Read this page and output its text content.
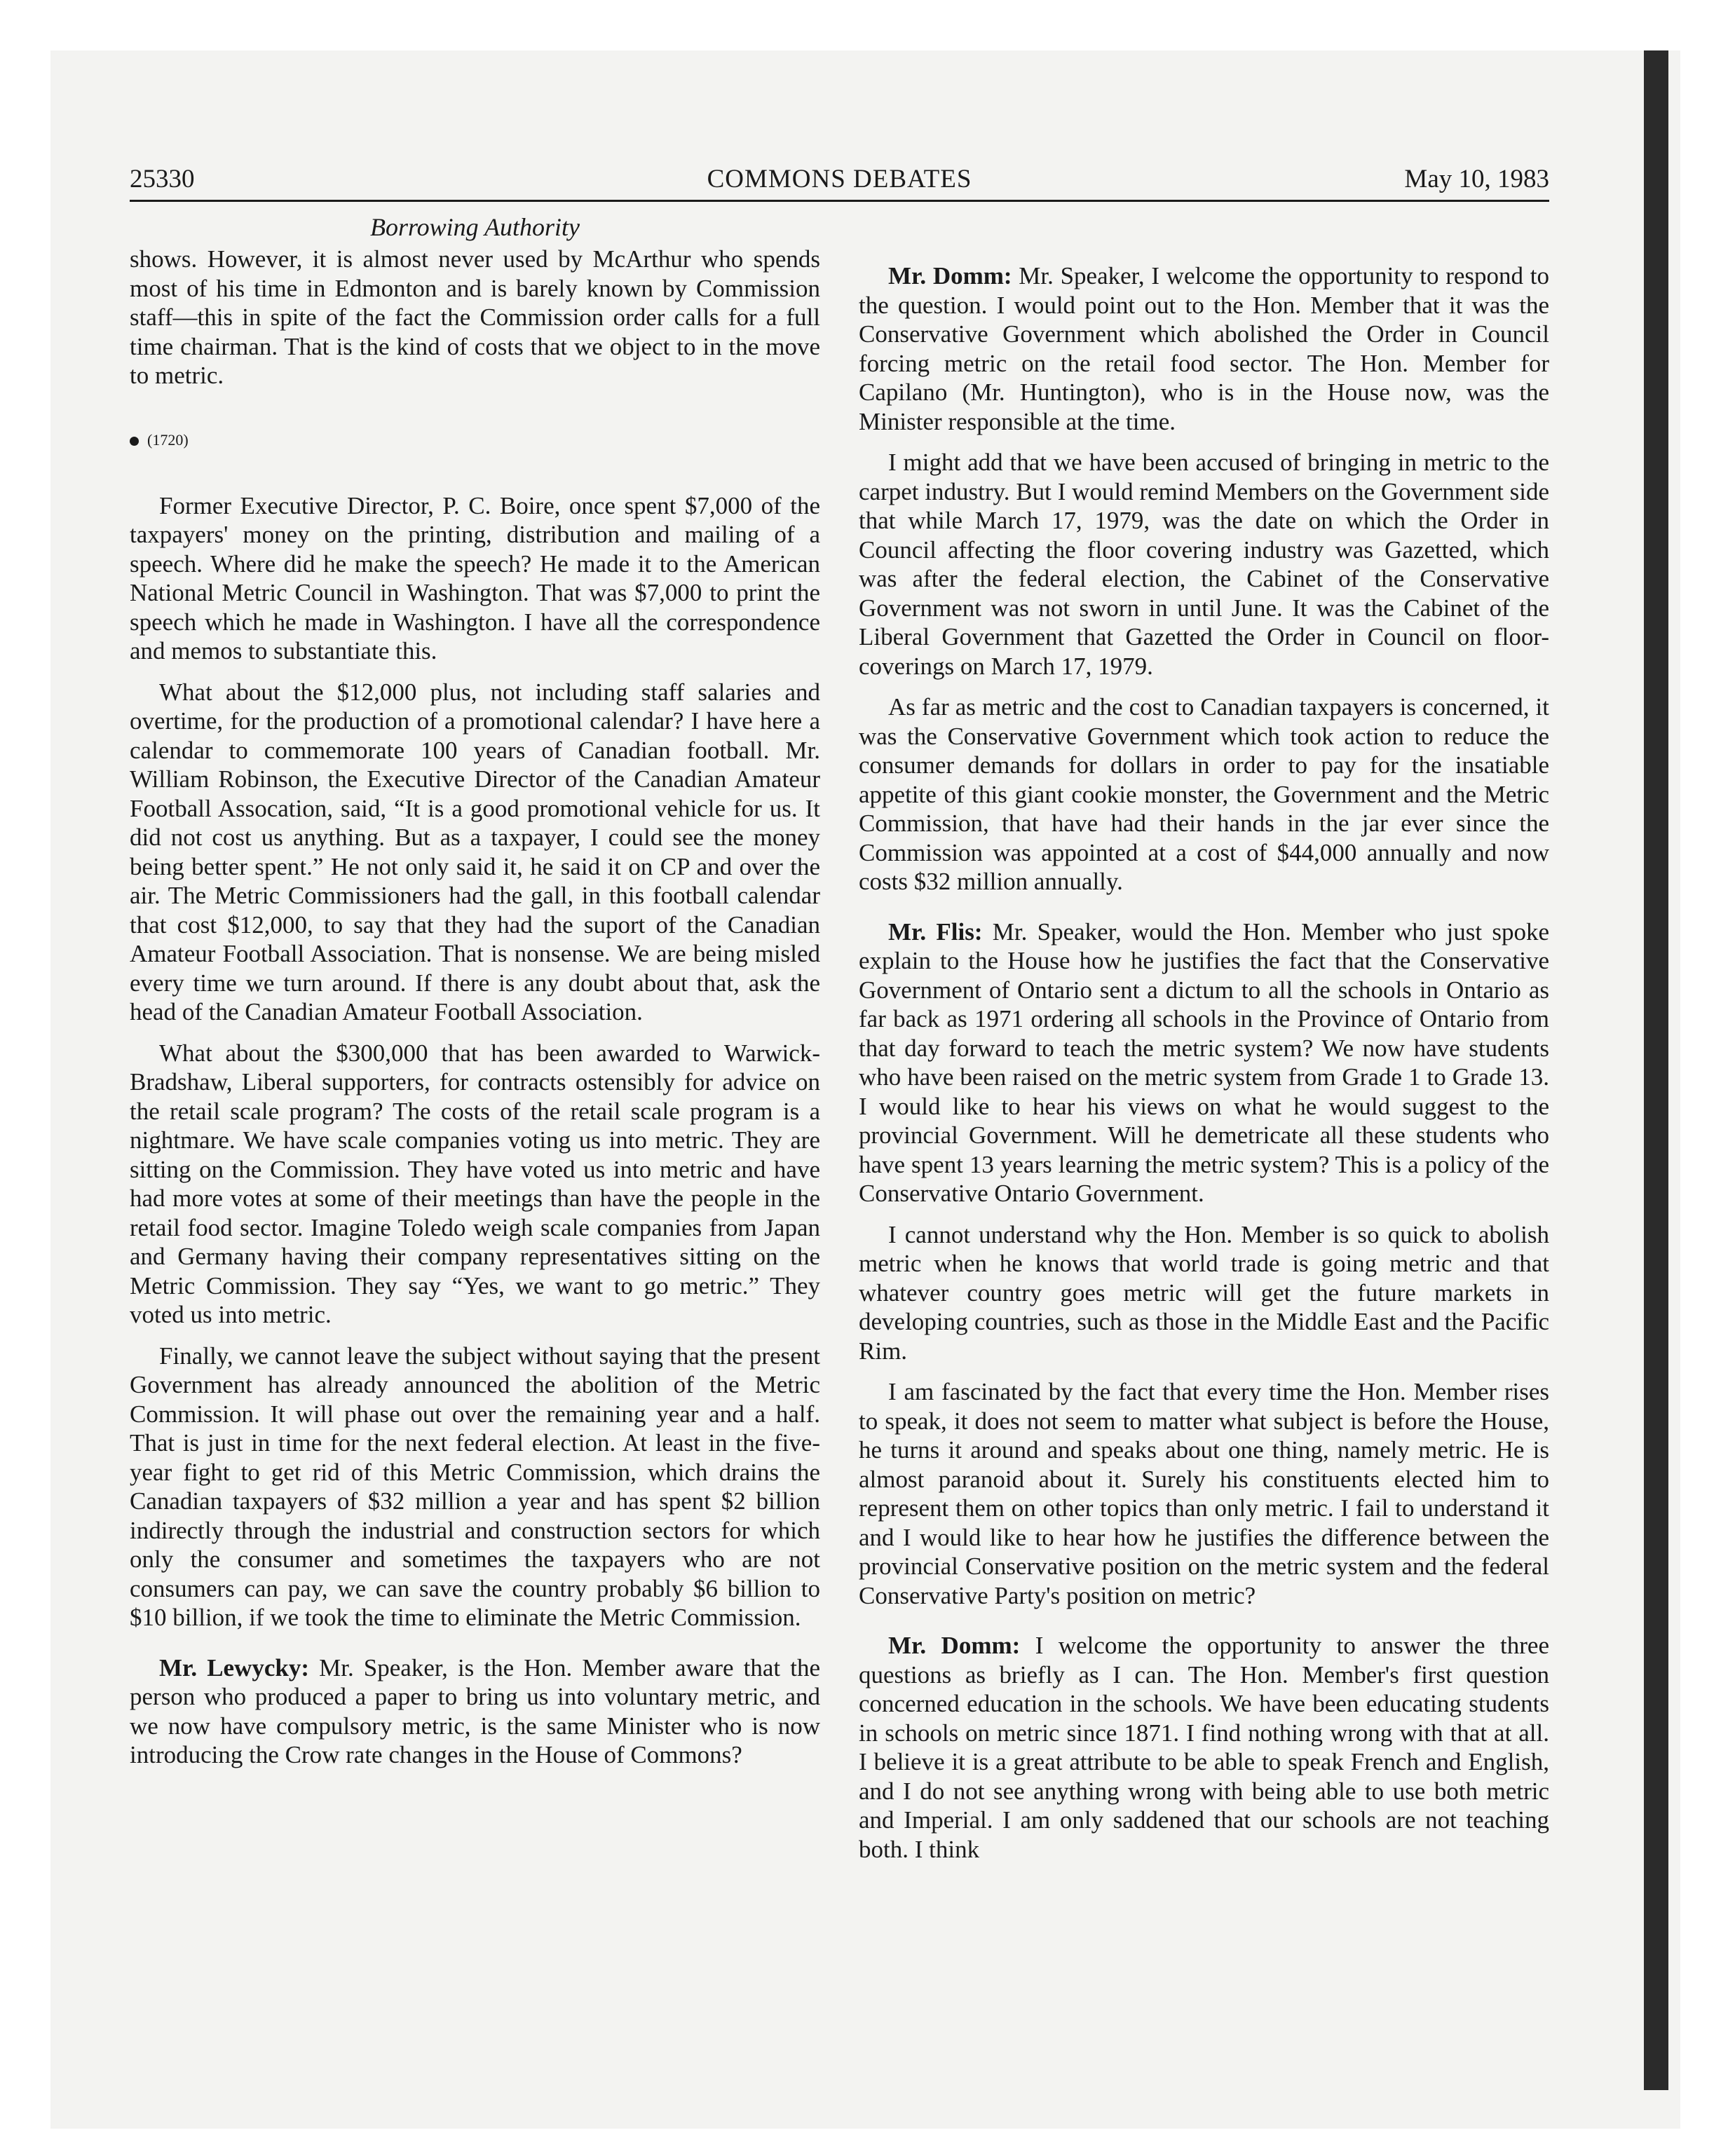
25330	COMMONS DEBATES	May 10, 1983
Borrowing Authority

shows. However, it is almost never used by McArthur who spends most of his time in Edmonton and is barely known by Commission staff—this in spite of the fact the Commission order calls for a full time chairman. That is the kind of costs that we object to in the move to metric.

(1720)

Former Executive Director, P. C. Boire, once spent $7,000 of the taxpayers' money on the printing, distribution and mailing of a speech. Where did he make the speech? He made it to the American National Metric Council in Washington. That was $7,000 to print the speech which he made in Washington. I have all the correspondence and memos to substantiate this.

What about the $12,000 plus, not including staff salaries and overtime, for the production of a promotional calendar? I have here a calendar to commemorate 100 years of Canadian football. Mr. William Robinson, the Executive Director of the Canadian Amateur Football Assocation, said, “It is a good promotional vehicle for us. It did not cost us anything. But as a taxpayer, I could see the money being better spent.” He not only said it, he said it on CP and over the air. The Metric Commissioners had the gall, in this football calendar that cost $12,000, to say that they had the suport of the Canadian Amateur Football Association. That is nonsense. We are being misled every time we turn around. If there is any doubt about that, ask the head of the Canadian Amateur Football Association.

What about the $300,000 that has been awarded to Warwick-Bradshaw, Liberal supporters, for contracts ostensibly for advice on the retail scale program? The costs of the retail scale program is a nightmare. We have scale companies voting us into metric. They are sitting on the Commission. They have voted us into metric and have had more votes at some of their meetings than have the people in the retail food sector. Imagine Toledo weigh scale companies from Japan and Germany having their company representatives sitting on the Metric Commission. They say “Yes, we want to go metric.” They voted us into metric.

Finally, we cannot leave the subject without saying that the present Government has already announced the abolition of the Metric Commission. It will phase out over the remaining year and a half. That is just in time for the next federal election. At least in the five-year fight to get rid of this Metric Commission, which drains the Canadian taxpayers of $32 million a year and has spent $2 billion indirectly through the industrial and construction sectors for which only the consumer and sometimes the taxpayers who are not consumers can pay, we can save the country probably $6 billion to $10 billion, if we took the time to eliminate the Metric Commission.

Mr. Lewycky: Mr. Speaker, is the Hon. Member aware that the person who produced a paper to bring us into voluntary metric, and we now have compulsory metric, is the same Minister who is now introducing the Crow rate changes in the House of Commons?

Mr. Domm: Mr. Speaker, I welcome the opportunity to respond to the question. I would point out to the Hon. Member that it was the Conservative Government which abolished the Order in Council forcing metric on the retail food sector. The Hon. Member for Capilano (Mr. Huntington), who is in the House now, was the Minister responsible at the time.

I might add that we have been accused of bringing in metric to the carpet industry. But I would remind Members on the Government side that while March 17, 1979, was the date on which the Order in Council affecting the floor covering industry was Gazetted, which was after the federal election, the Cabinet of the Conservative Government was not sworn in until June. It was the Cabinet of the Liberal Government that Gazetted the Order in Council on floor-coverings on March 17, 1979.

As far as metric and the cost to Canadian taxpayers is concerned, it was the Conservative Government which took action to reduce the consumer demands for dollars in order to pay for the insatiable appetite of this giant cookie monster, the Government and the Metric Commission, that have had their hands in the jar ever since the Commission was appointed at a cost of $44,000 annually and now costs $32 million annually.

Mr. Flis: Mr. Speaker, would the Hon. Member who just spoke explain to the House how he justifies the fact that the Conservative Government of Ontario sent a dictum to all the schools in Ontario as far back as 1971 ordering all schools in the Province of Ontario from that day forward to teach the metric system? We now have students who have been raised on the metric system from Grade 1 to Grade 13. I would like to hear his views on what he would suggest to the provincial Government. Will he demetricate all these students who have spent 13 years learning the metric system? This is a policy of the Conservative Ontario Government.

I cannot understand why the Hon. Member is so quick to abolish metric when he knows that world trade is going metric and that whatever country goes metric will get the future markets in developing countries, such as those in the Middle East and the Pacific Rim.

I am fascinated by the fact that every time the Hon. Member rises to speak, it does not seem to matter what subject is before the House, he turns it around and speaks about one thing, namely metric. He is almost paranoid about it. Surely his constituents elected him to represent them on other topics than only metric. I fail to understand it and I would like to hear how he justifies the difference between the provincial Conservative position on the metric system and the federal Conservative Party's position on metric?

Mr. Domm: I welcome the opportunity to answer the three questions as briefly as I can. The Hon. Member's first question concerned education in the schools. We have been educating students in schools on metric since 1871. I find nothing wrong with that at all. I believe it is a great attribute to be able to speak French and English, and I do not see anything wrong with being able to use both metric and Imperial. I am only saddened that our schools are not teaching both. I think
